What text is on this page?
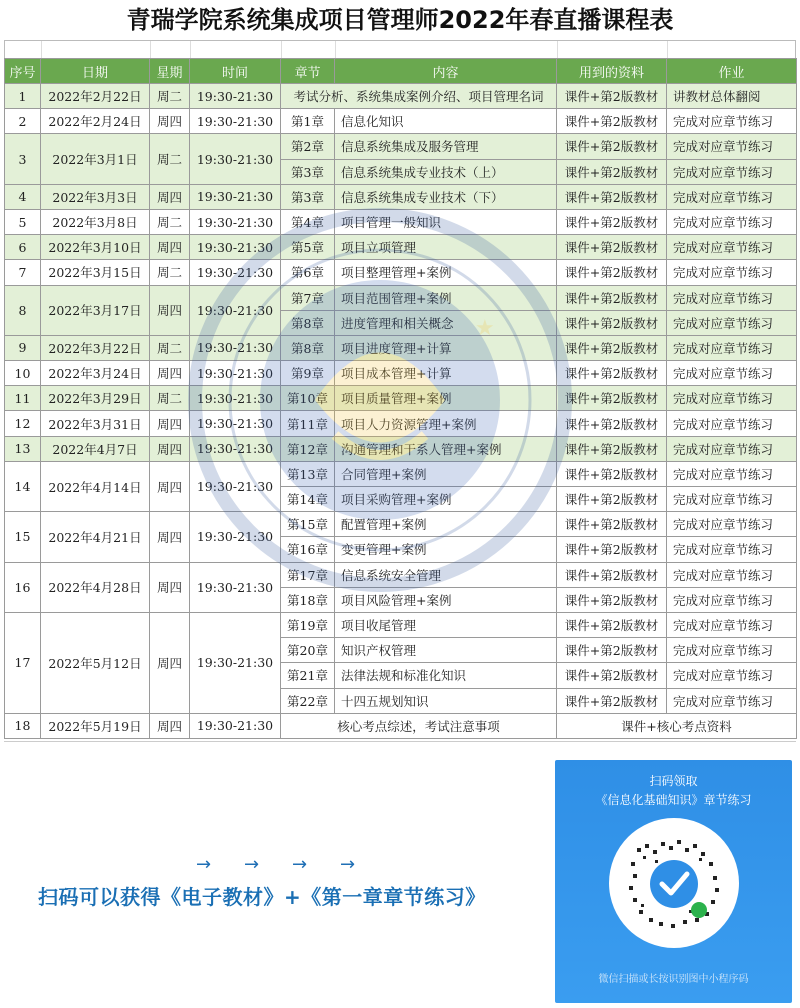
青瑞学院系统集成项目管理师2022年春直播课程表
序号	日期	星期	时间	章节	内容	用到的资料	作业
1	2022年2月22日	周二	19:30-21:30	考试分析、系统集成案例介绍、项目管理名词		课件+第2版教材	讲教材总体翻阅
2	2022年2月24日	周四	19:30-21:30	第1章	信息化知识	课件+第2版教材	完成对应章节练习
3	2022年3月1日	周二	19:30-21:30	第2章	信息系统集成及服务管理	课件+第2版教材	完成对应章节练习
				第3章	信息系统集成专业技术（上）	课件+第2版教材	完成对应章节练习
4	2022年3月3日	周四	19:30-21:30	第3章	信息系统集成专业技术（下）	课件+第2版教材	完成对应章节练习
5	2022年3月8日	周二	19:30-21:30	第4章	项目管理一般知识	课件+第2版教材	完成对应章节练习
6	2022年3月10日	周四	19:30-21:30	第5章	项目立项管理	课件+第2版教材	完成对应章节练习
7	2022年3月15日	周二	19:30-21:30	第6章	项目整理管理+案例	课件+第2版教材	完成对应章节练习
8	2022年3月17日	周四	19:30-21:30	第7章	项目范围管理+案例	课件+第2版教材	完成对应章节练习
				第8章	进度管理和相关概念	课件+第2版教材	完成对应章节练习
9	2022年3月22日	周二	19:30-21:30	第8章	项目进度管理+计算	课件+第2版教材	完成对应章节练习
10	2022年3月24日	周四	19:30-21:30	第9章	项目成本管理+计算	课件+第2版教材	完成对应章节练习
11	2022年3月29日	周二	19:30-21:30	第10章	项目质量管理+案例	课件+第2版教材	完成对应章节练习
12	2022年3月31日	周四	19:30-21:30	第11章	项目人力资源管理+案例	课件+第2版教材	完成对应章节练习
13	2022年4月7日	周四	19:30-21:30	第12章	沟通管理和干系人管理+案例	课件+第2版教材	完成对应章节练习
14	2022年4月14日	周四	19:30-21:30	第13章	合同管理+案例	课件+第2版教材	完成对应章节练习
				第14章	项目采购管理+案例	课件+第2版教材	完成对应章节练习
15	2022年4月21日	周四	19:30-21:30	第15章	配置管理+案例	课件+第2版教材	完成对应章节练习
				第16章	变更管理+案例	课件+第2版教材	完成对应章节练习
16	2022年4月28日	周四	19:30-21:30	第17章	信息系统安全管理	课件+第2版教材	完成对应章节练习
				第18章	项目风险管理+案例	课件+第2版教材	完成对应章节练习
17	2022年5月12日	周四	19:30-21:30	第19章	项目收尾管理	课件+第2版教材	完成对应章节练习
				第20章	知识产权管理	课件+第2版教材	完成对应章节练习
				第21章	法律法规和标准化知识	课件+第2版教材	完成对应章节练习
				第22章	十四五规划知识	课件+第2版教材	完成对应章节练习
18	2022年5月19日	周四	19:30-21:30	核心考点综述，考试注意事项		课件+核心考点资料	
★
→ → → →
扫码可以获得《电子教材》+《第一章章节练习》
扫码领取
《信息化基础知识》章节练习
微信扫描或长按识别图中小程序码
